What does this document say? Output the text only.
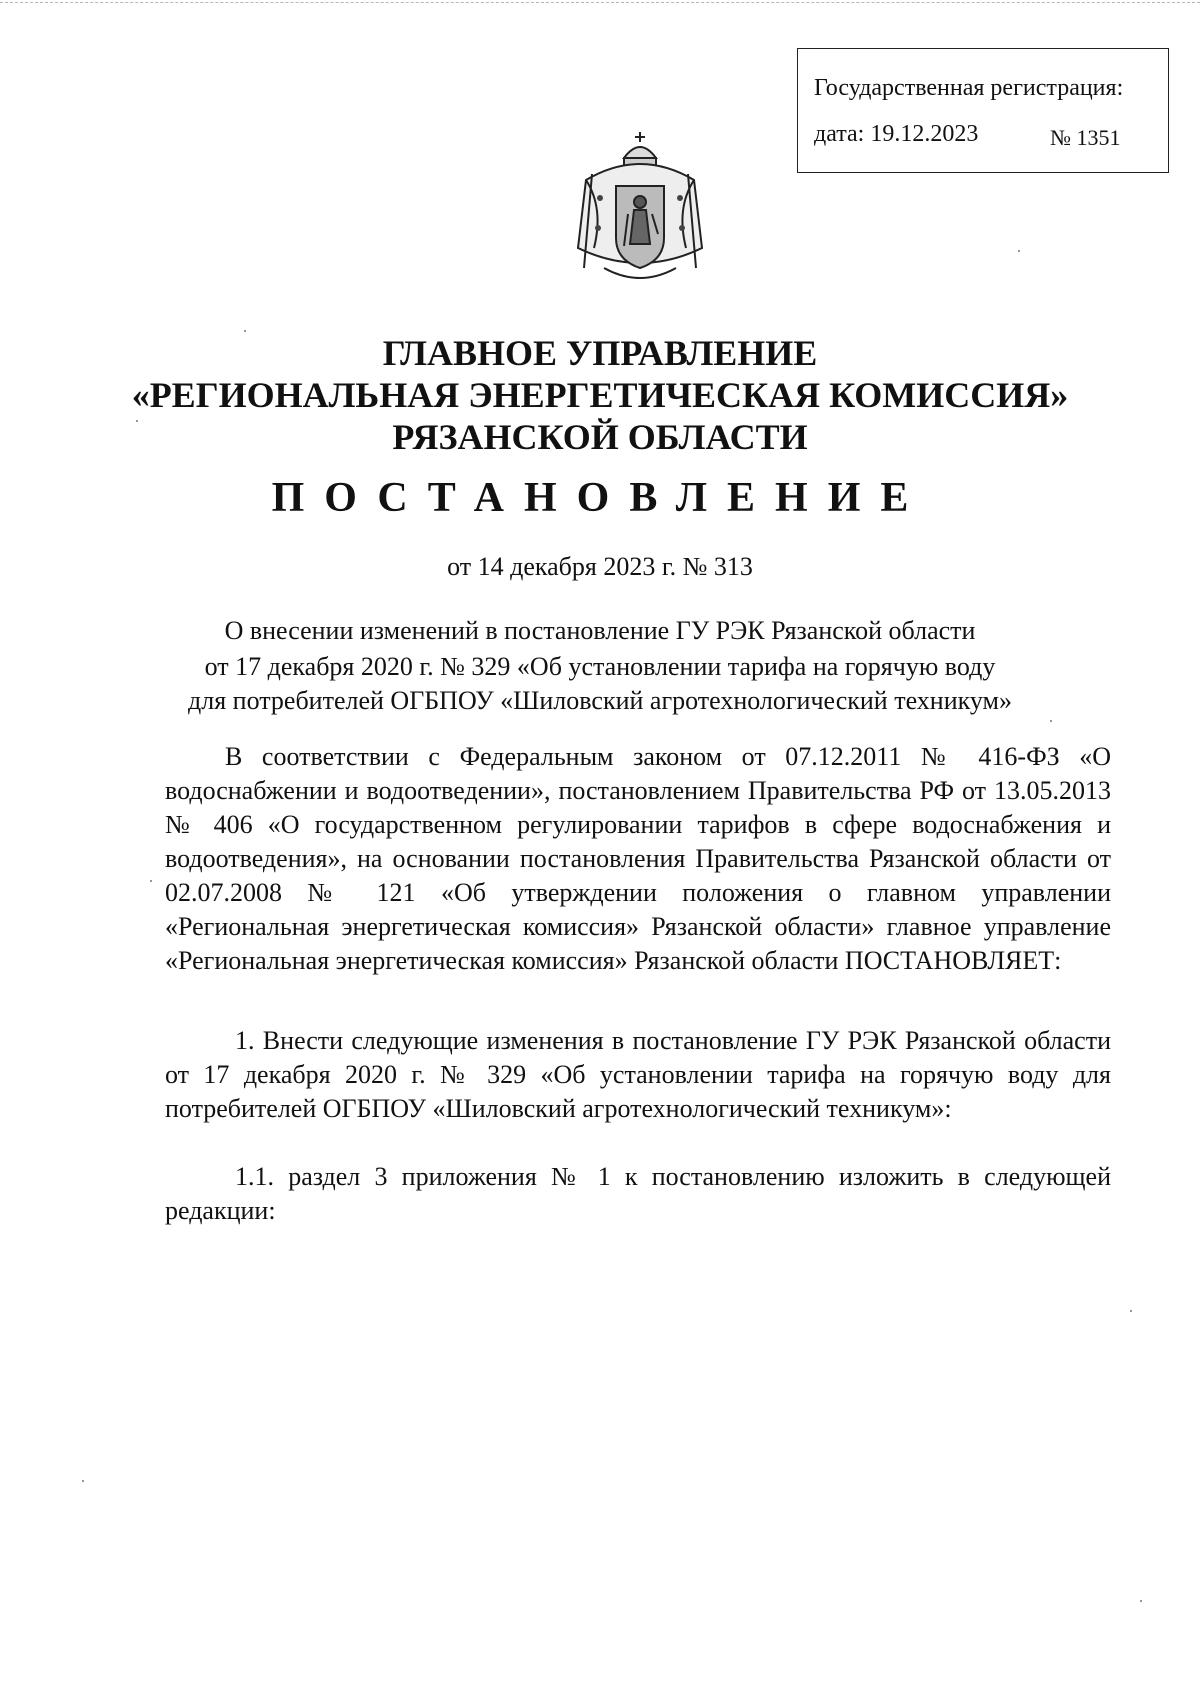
Государственная регистрация:
дата: 19.12.2023	№ 1351
ГЛАВНОЕ УПРАВЛЕНИЕ
«РЕГИОНАЛЬНАЯ ЭНЕРГЕТИЧЕСКАЯ КОМИССИЯ»
РЯЗАНСКОЙ ОБЛАСТИ
ПОСТАНОВЛЕНИЕ
от 14 декабря 2023 г. № 313
О внесении изменений в постановление ГУ РЭК Рязанской области
от 17 декабря 2020 г. № 329 «Об установлении тарифа на горячую воду
для потребителей ОГБПОУ «Шиловский агротехнологический техникум»
В соответствии с Федеральным законом от 07.12.2011 № 416-ФЗ «О водоснабжении и водоотведении», постановлением Правительства РФ от 13.05.2013 № 406 «О государственном регулировании тарифов в сфере водоснабжения и водоотведения», на основании постановления Правительства Рязанской области от 02.07.2008 № 121 «Об утверждении положения о главном управлении «Региональная энергетическая комиссия» Рязанской области» главное управление «Региональная энергетическая комиссия» Рязанской области ПОСТАНОВЛЯЕТ:
1. Внести следующие изменения в постановление ГУ РЭК Рязанской области от 17 декабря 2020 г. № 329 «Об установлении тарифа на горячую воду для потребителей ОГБПОУ «Шиловский агротехнологический техникум»:
1.1. раздел 3 приложения № 1 к постановлению изложить в следующей редакции:
